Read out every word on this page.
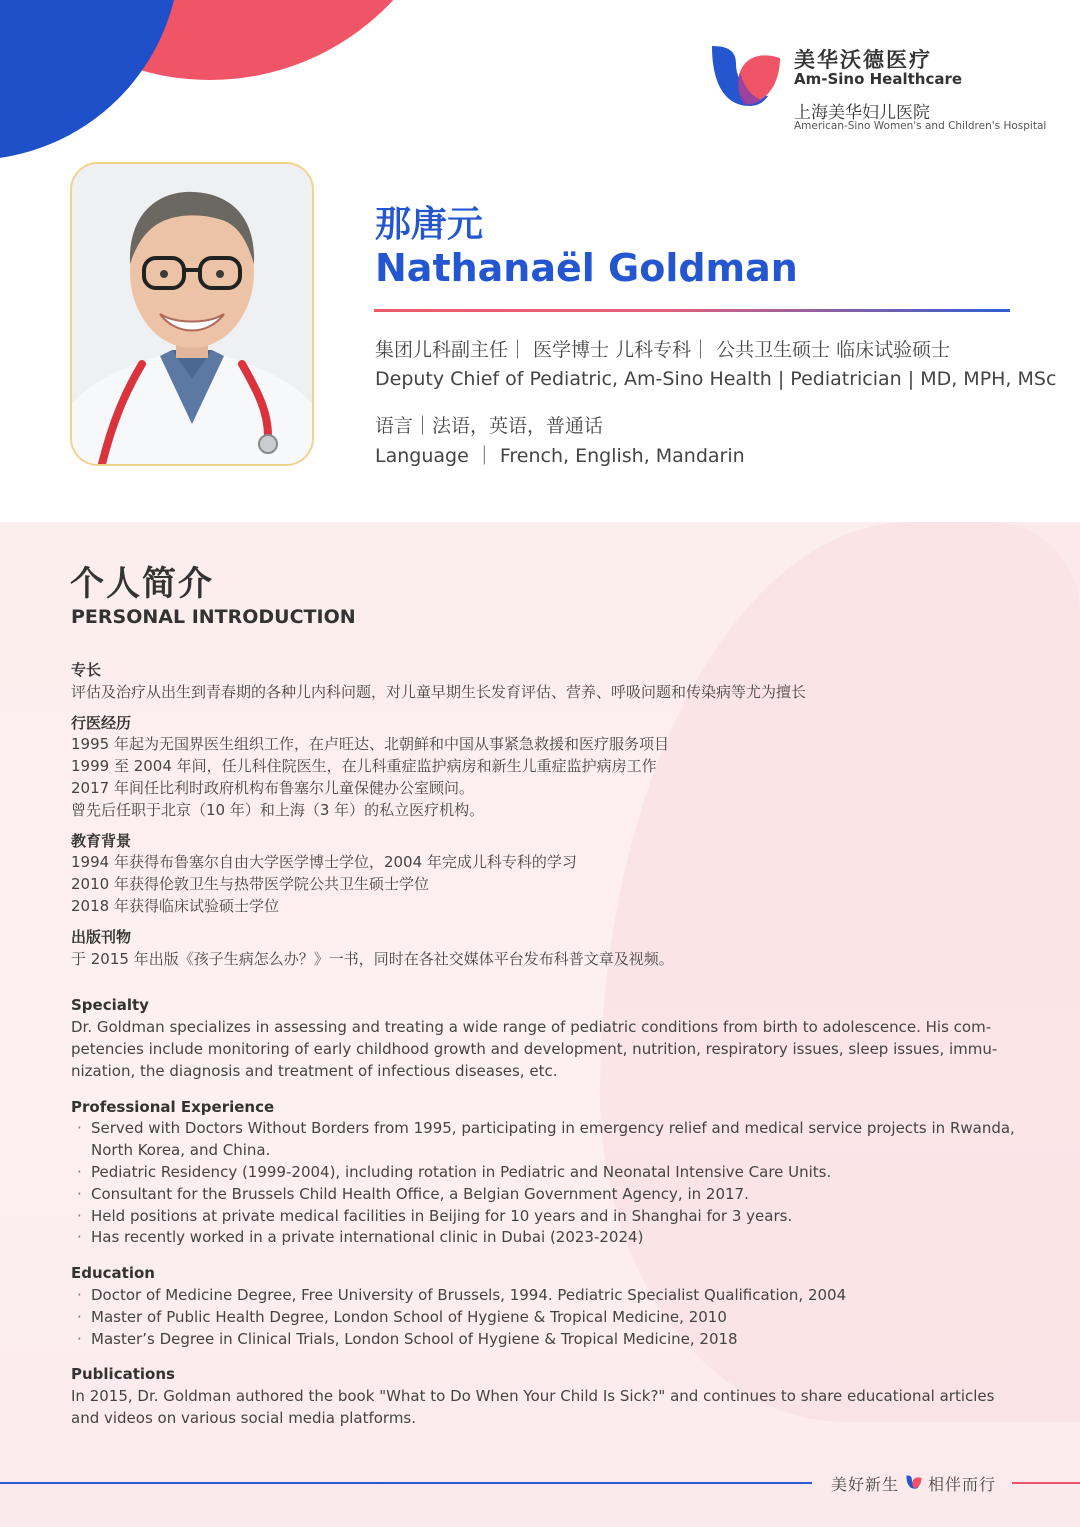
美华沃德医疗
Am-Sino Healthcare
上海美华妇儿医院
American-Sino Women's and Children's Hospital
那唐元
Nathanaël Goldman
集团儿科副主任｜ 医学博士 儿科专科｜ 公共卫生硕士 临床试验硕士
Deputy Chief of Pediatric, Am-Sino Health | Pediatrician | MD, MPH, MSc
语言｜法语，英语，普通话
Language ｜ French, English, Mandarin
个人简介
PERSONAL INTRODUCTION
专长
评估及治疗从出生到青春期的各种儿内科问题，对儿童早期生长发育评估、营养、呼吸问题和传染病等尤为擅长
行医经历
1995 年起为无国界医生组织工作，在卢旺达、北朝鲜和中国从事紧急救援和医疗服务项目
1999 至 2004 年间，任儿科住院医生，在儿科重症监护病房和新生儿重症监护病房工作
2017 年间任比利时政府机构布鲁塞尔儿童保健办公室顾问。
曾先后任职于北京（10 年）和上海（3 年）的私立医疗机构。
教育背景
1994 年获得布鲁塞尔自由大学医学博士学位，2004 年完成儿科专科的学习
2010 年获得伦敦卫生与热带医学院公共卫生硕士学位
2018 年获得临床试验硕士学位
出版刊物
于 2015 年出版《孩子生病怎么办？》一书，同时在各社交媒体平台发布科普文章及视频。
Specialty
Dr. Goldman specializes in assessing and treating a wide range of pediatric conditions from birth to adolescence. His com-petencies include monitoring of early childhood growth and development, nutrition, respiratory issues, sleep issues, immu-nization, the diagnosis and treatment of infectious diseases, etc.
Professional Experience
· Served with Doctors Without Borders from 1995, participating in emergency relief and medical service projects in Rwanda, North Korea, and China.
· Pediatric Residency (1999-2004), including rotation in Pediatric and Neonatal Intensive Care Units.
· Consultant for the Brussels Child Health Office, a Belgian Government Agency, in 2017.
· Held positions at private medical facilities in Beijing for 10 years and in Shanghai for 3 years.
· Has recently worked in a private international clinic in Dubai (2023-2024)
Education
· Doctor of Medicine Degree, Free University of Brussels, 1994. Pediatric Specialist Qualification, 2004
· Master of Public Health Degree, London School of Hygiene & Tropical Medicine, 2010
· Master’s Degree in Clinical Trials, London School of Hygiene & Tropical Medicine, 2018
Publications
In 2015, Dr. Goldman authored the book "What to Do When Your Child Is Sick?" and continues to share educational articles and videos on various social media platforms.
美好新生 相伴而行
